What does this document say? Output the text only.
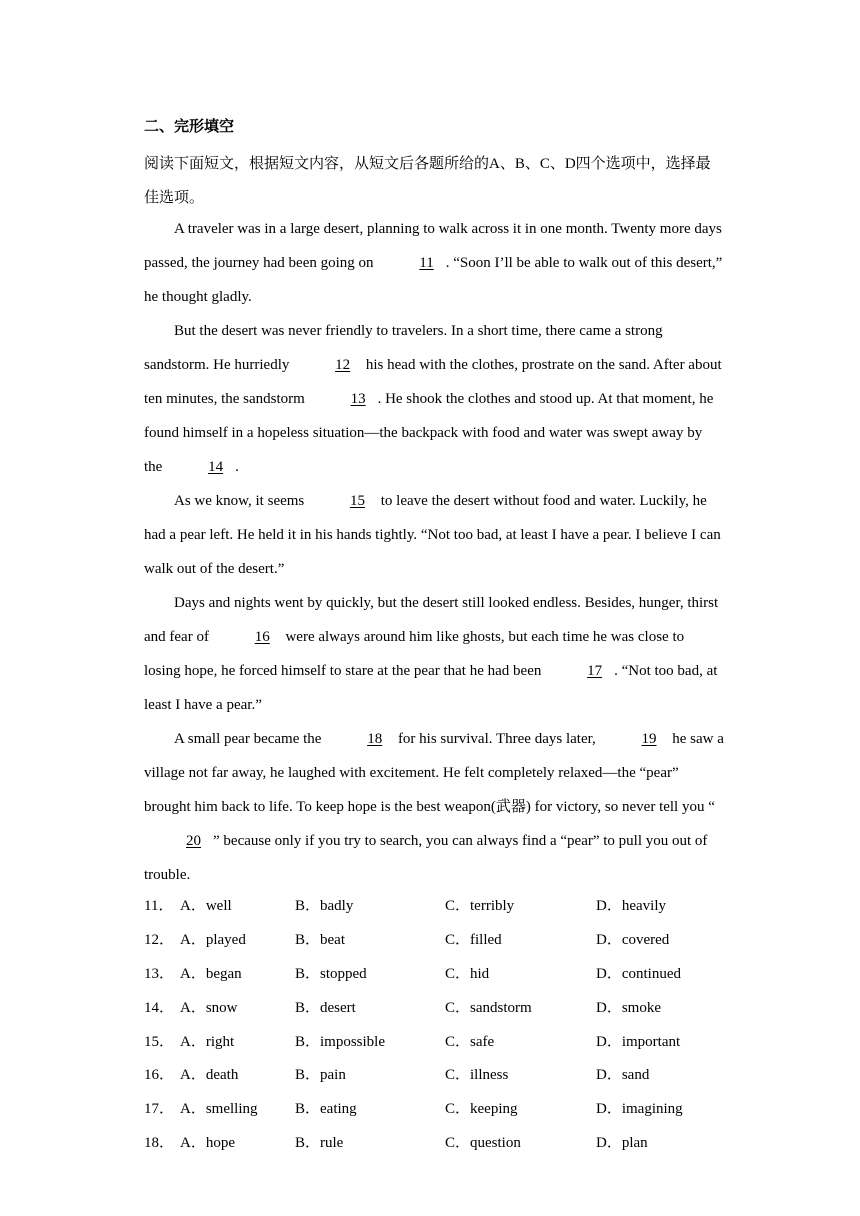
二、完形填空
阅读下面短文，根据短文内容，从短文后各题所给的A、B、C、D四个选项中，选择最佳选项。

A traveler was in a large desert, planning to walk across it in one month. Twenty more days passed, the journey had been going on	11 . “Soon I’ll be able to walk out of this desert,” he thought gladly.

But the desert was never friendly to travelers. In a short time, there came a strong sandstorm. He hurriedly	12 his head with the clothes, prostrate on the sand. After about ten minutes, the sandstorm	13 . He shook the clothes and stood up. At that moment, he found himself in a hopeless situation—the backpack with food and water was swept away by the	14 .

As we know, it seems	15 to leave the desert without food and water. Luckily, he had a pear left. He held it in his hands tightly. “Not too bad, at least I have a pear. I believe I can walk out of the desert.”

Days and nights went by quickly, but the desert still looked endless. Besides, hunger, thirst and fear of	16 were always around him like ghosts, but each time he was close to losing hope, he forced himself to stare at the pear that he had been	17 . “Not too bad, at least I have a pear.”

A small pear became the	18 for his survival. Three days later,	19 he saw a village not far away, he laughed with excitement. He felt completely relaxed—the “pear” brought him back to life. To keep hope is the best weapon(武器) for victory, so never tell you “20 ” because only if you try to search, you can always find a “pear” to pull you out of trouble.

11． A．well	B．badly	C．terribly	D．heavily
12． A．played	B．beat	C．filled	D．covered
13． A．began	B．stopped	C．hid	D．continued
14． A．snow	B．desert	C．sandstorm	D．smoke
15． A．right	B．impossible	C．safe	D．important
16． A．death	B．pain	C．illness	D．sand
17． A．smelling	B．eating	C．keeping	D．imagining
18． A．hope	B．rule	C．question	D．plan
